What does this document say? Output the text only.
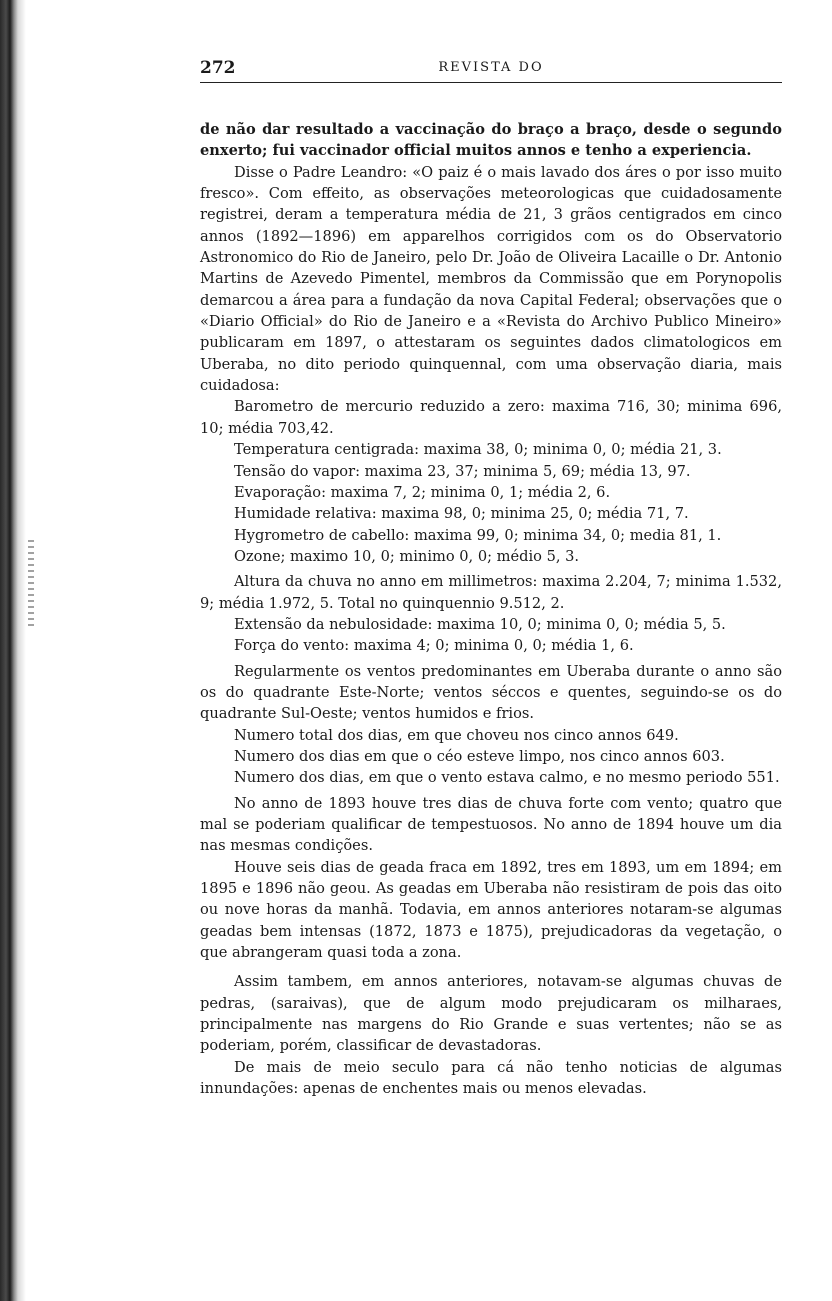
272	REVISTA DO

de não dar resultado a vaccinação do braço a braço, desde o segundo enxerto; fui vaccinador official muitos annos e tenho a experiencia.

Disse o Padre Leandro: «O paiz é o mais lavado dos áres o por isso muito fresco». Com effeito, as observações meteorologicas que cuidadosamente registrei, deram a temperatura média de 21, 3 grãos centigrados em cinco annos (1892—1896) em apparelhos corrigidos com os do Observatorio Astronomico do Rio de Janeiro, pelo Dr. João de Oliveira Lacaille o Dr. Antonio Martins de Azevedo Pimentel, membros da Commissão que em Porynopolis demarcou a área para a fundação da nova Capital Federal; observações que o «Diario Official» do Rio de Janeiro e a «Revista do Archivo Publico Mineiro» publicaram em 1897, o attestaram os seguintes dados climatologicos em Uberaba, no dito periodo quinquennal, com uma observação diaria, mais cuidadosa:

Barometro de mercurio reduzido a zero: maxima 716, 30; minima 696, 10; média 703,42.

Temperatura centigrada: maxima 38, 0; minima 0, 0; média 21, 3.

Tensão do vapor: maxima 23, 37; minima 5, 69; média 13, 97.

Evaporação: maxima 7, 2; minima 0, 1; média 2, 6.

Humidade relativa: maxima 98, 0; minima 25, 0; média 71, 7.

Hygrometro de cabello: maxima 99, 0; minima 34, 0; media 81, 1.

Ozone; maximo 10, 0; minimo 0, 0; médio 5, 3.

Altura da chuva no anno em millimetros: maxima 2.204, 7; minima 1.532, 9; média 1.972, 5. Total no quinquennio 9.512, 2.

Extensão da nebulosidade: maxima 10, 0; minima 0, 0; média 5, 5.

Força do vento: maxima 4; 0; minima 0, 0; média 1, 6.

Regularmente os ventos predominantes em Uberaba durante o anno são os do quadrante Este-Norte; ventos séccos e quentes, seguindo-se os do quadrante Sul-Oeste; ventos humidos e frios.

Numero total dos dias, em que choveu nos cinco annos 649.

Numero dos dias em que o céo esteve limpo, nos cinco annos 603.

Numero dos dias, em que o vento estava calmo, e no mesmo periodo 551.

No anno de 1893 houve tres dias de chuva forte com vento; quatro que mal se poderiam qualificar de tempestuosos. No anno de 1894 houve um dia nas mesmas condições.

Houve seis dias de geada fraca em 1892, tres em 1893, um em 1894; em 1895 e 1896 não geou. As geadas em Uberaba não resistiram de pois das oito ou nove horas da manhã. Todavia, em annos anteriores notaram-se algumas geadas bem intensas (1872, 1873 e 1875), prejudicadoras da vegetação, o que abrangeram quasi toda a zona.

Assim tambem, em annos anteriores, notavam-se algumas chuvas de pedras, (saraivas), que de algum modo prejudicaram os milharaes, principalmente nas margens do Rio Grande e suas vertentes; não se as poderiam, porém, classificar de devastadoras.

De mais de meio seculo para cá não tenho noticias de algumas innundações: apenas de enchentes mais ou menos elevadas.
